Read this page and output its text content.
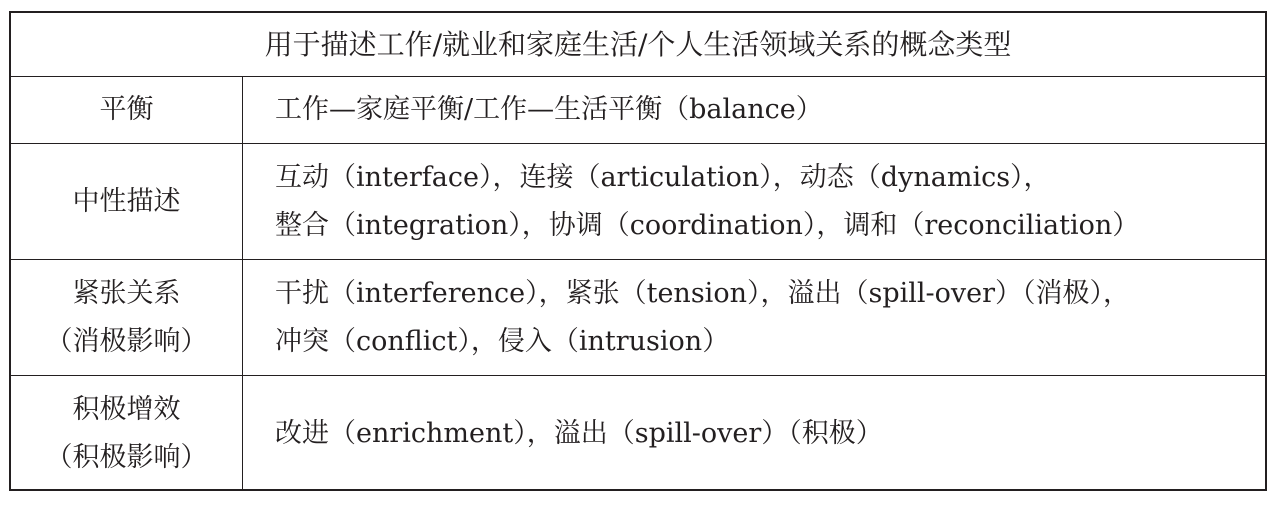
用于描述工作/就业和家庭生活/个人生活领域关系的概念类型
平衡	工作—家庭平衡/工作—生活平衡（balance）
中性描述
互动（interface），连接（articulation），动态（dynamics），
整合（integration），协调（coordination），调和（reconciliation）
紧张关系
（消极影响）
干扰（interference），紧张（tension），溢出（spill-over）（消极），
冲突（conflict），侵入（intrusion）
积极增效
（积极影响）
改进（enrichment），溢出（spill-over）（积极）
